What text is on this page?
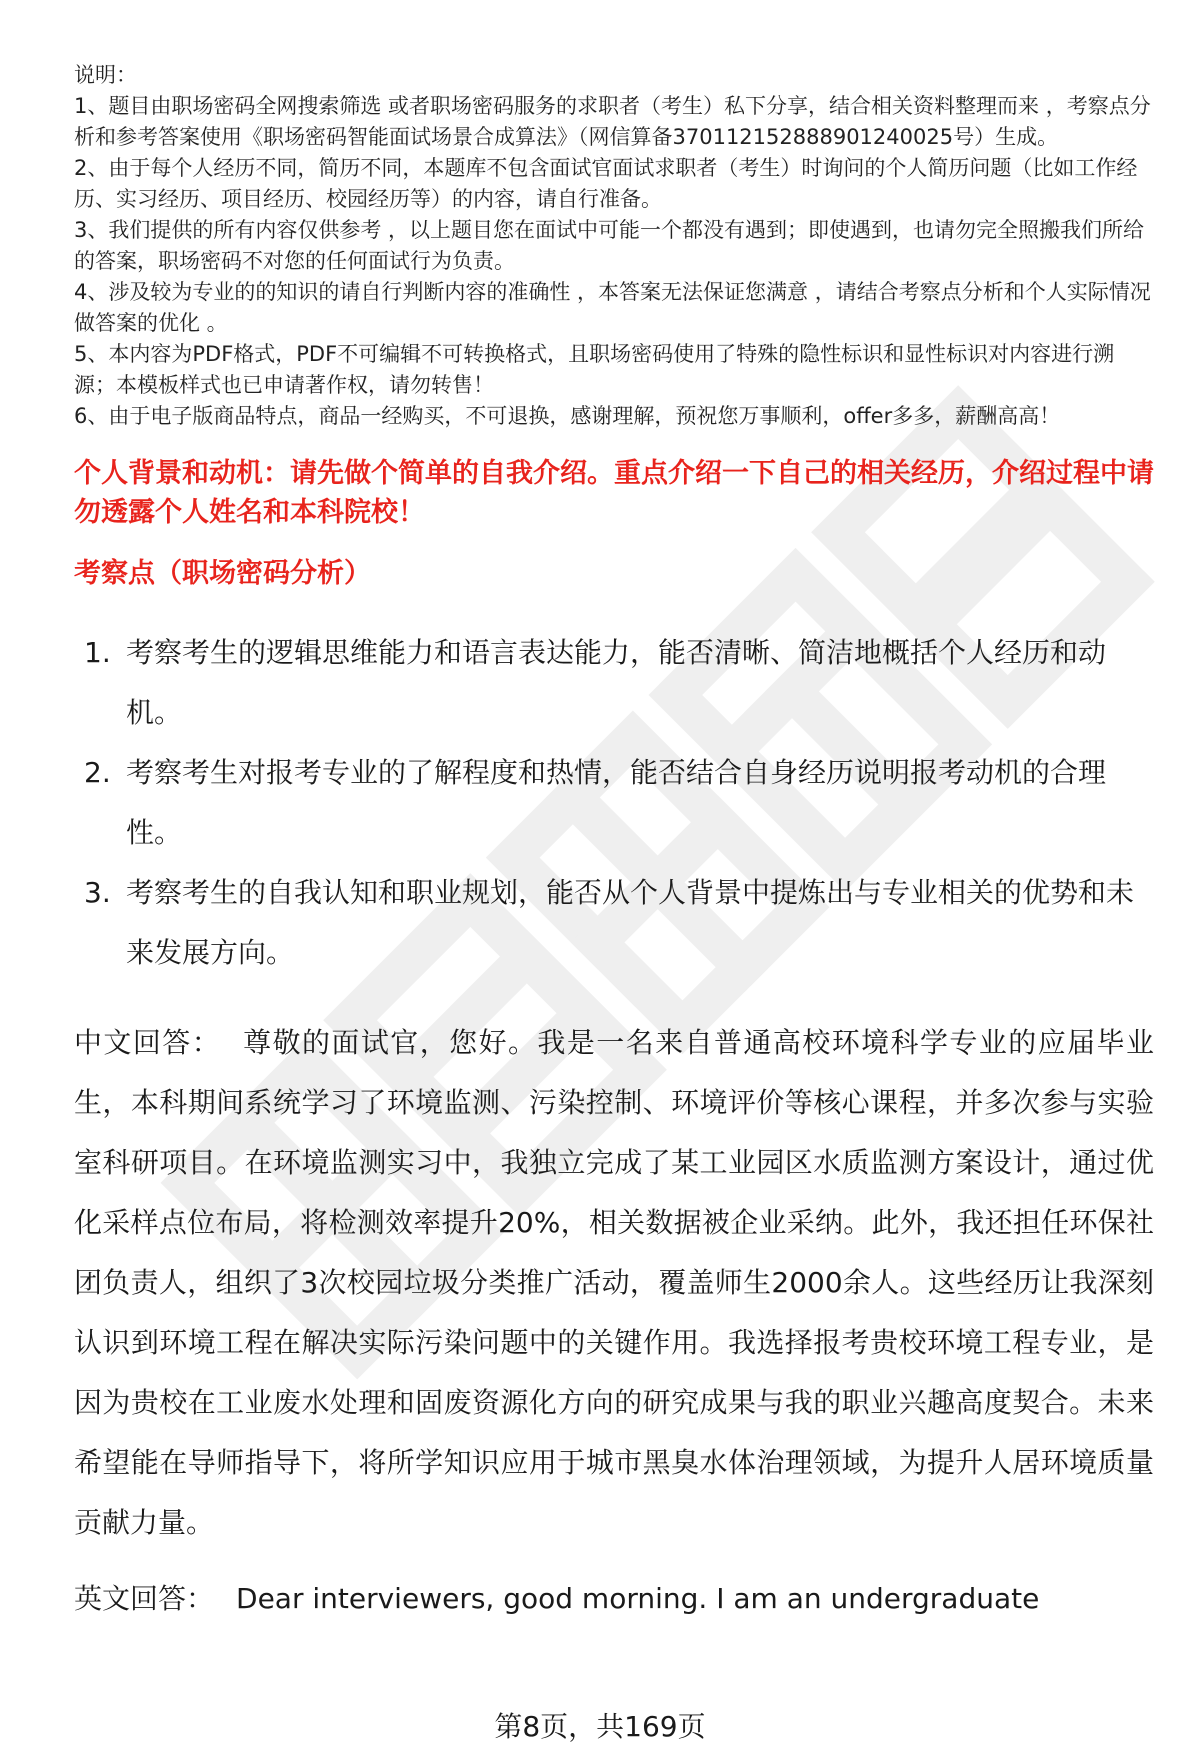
说明：

1、题目由职场密码全网搜索筛选 或者职场密码服务的求职者（考生）私下分享，结合相关资料整理而来 ，考察点分析和参考答案使用《职场密码智能面试场景合成算法》（网信算备370112152888901240025号）生成。

2、由于每个人经历不同，简历不同，本题库不包含面试官面试求职者（考生）时询问的个人简历问题（比如工作经历、实习经历、项目经历、校园经历等）的内容，请自行准备。

3、我们提供的所有内容仅供参考 ，以上题目您在面试中可能一个都没有遇到；即使遇到，也请勿完全照搬我们所给的答案，职场密码不对您的任何面试行为负责。

4、涉及较为专业的的知识的请自行判断内容的准确性 ，本答案无法保证您满意 ，请结合考察点分析和个人实际情况做答案的优化 。

5、本内容为PDF格式，PDF不可编辑不可转换格式，且职场密码使用了特殊的隐性标识和显性标识对内容进行溯源；本模板样式也已申请著作权，请勿转售！

6、由于电子版商品特点，商品一经购买，不可退换，感谢理解，预祝您万事顺利，offer多多，薪酬高高！

个人背景和动机：请先做个简单的自我介绍。重点介绍一下自己的相关经历，介绍过程中请勿透露个人姓名和本科院校！
考察点（职场密码分析）
1. 考察考生的逻辑思维能力和语言表达能力，能否清晰、简洁地概括个人经历和动机。
2. 考察考生对报考专业的了解程度和热情，能否结合自身经历说明报考动机的合理性。
3. 考察考生的自我认知和职业规划，能否从个人背景中提炼出与专业相关的优势和未来发展方向。
中文回答： 尊敬的面试官，您好。我是一名来自普通高校环境科学专业的应届毕业生，本科期间系统学习了环境监测、污染控制、环境评价等核心课程，并多次参与实验室科研项目。在环境监测实习中，我独立完成了某工业园区水质监测方案设计，通过优化采样点位布局，将检测效率提升20%，相关数据被企业采纳。此外，我还担任环保社团负责人，组织了3次校园垃圾分类推广活动，覆盖师生2000余人。这些经历让我深刻认识到环境工程在解决实际污染问题中的关键作用。我选择报考贵校环境工程专业，是因为贵校在工业废水处理和固废资源化方向的研究成果与我的职业兴趣高度契合。未来希望能在导师指导下，将所学知识应用于城市黑臭水体治理领域，为提升人居环境质量贡献力量。
英文回答： Dear interviewers, good morning. I am an undergraduate
第8页，共169页
